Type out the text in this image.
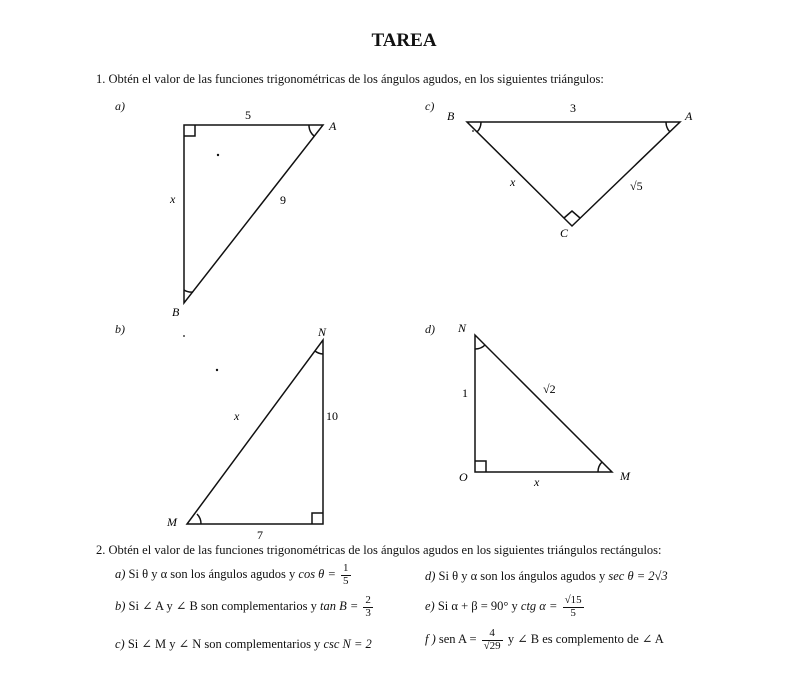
TAREA
1. Obtén el valor de las funciones trigonométricas de los ángulos agudos, en los siguientes triángulos:
a)	c)
b)	d)
5
x	9
A
B
N
x	10
7
M
B
3
A
x	√5
C
N
1	√2
O	x	M
2. Obtén el valor de las funciones trigonométricas de los ángulos agudos en los siguientes triángulos rectángulos:
a) Si θ y α son los ángulos agudos y $\cos \theta = \frac{1}{5}$	d) Si θ y α son los ángulos agudos y sec θ = 2√3
b) Si ∠ A y ∠ B son complementarios y $\tan B = \frac{2}{3}$	e) Si α + β = 90° y ctg $\alpha = \frac{√15}{5}$
c) Si ∠ M y ∠ N son complementarios y csc N = 2	f ) sen $A = \frac{4}{√29}$ y ∠ B es complemento de ∠ A
